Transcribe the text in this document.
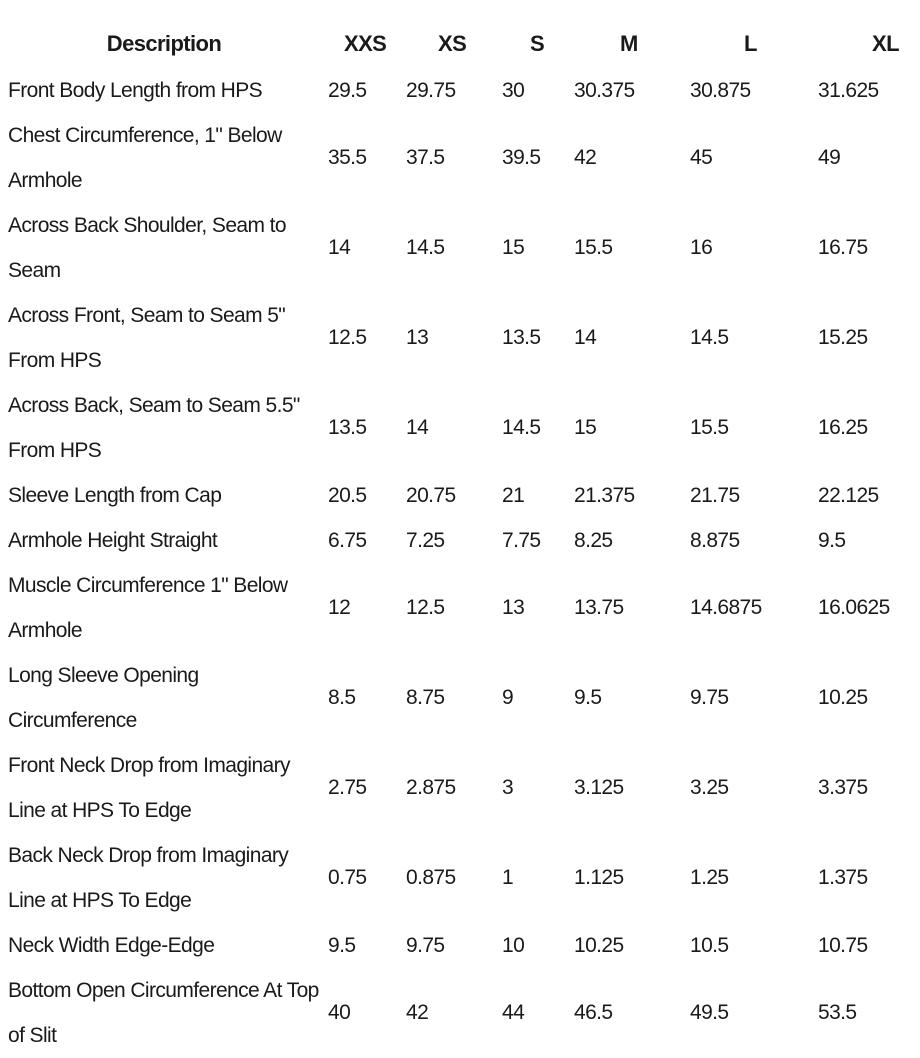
Description	XXS	XS	S	M	L	XL
Front Body Length from HPS	29.5	29.75	30	30.375	30.875	31.625
Chest Circumference, 1" Below Armhole	35.5	37.5	39.5	42	45	49
Across Back Shoulder, Seam to Seam	14	14.5	15	15.5	16	16.75
Across Front, Seam to Seam 5" From HPS	12.5	13	13.5	14	14.5	15.25
Across Back, Seam to Seam 5.5" From HPS	13.5	14	14.5	15	15.5	16.25
Sleeve Length from Cap	20.5	20.75	21	21.375	21.75	22.125
Armhole Height Straight	6.75	7.25	7.75	8.25	8.875	9.5
Muscle Circumference 1" Below Armhole	12	12.5	13	13.75	14.6875	16.0625
Long Sleeve Opening Circumference	8.5	8.75	9	9.5	9.75	10.25
Front Neck Drop from Imaginary Line at HPS To Edge	2.75	2.875	3	3.125	3.25	3.375
Back Neck Drop from Imaginary Line at HPS To Edge	0.75	0.875	1	1.125	1.25	1.375
Neck Width Edge-Edge	9.5	9.75	10	10.25	10.5	10.75
Bottom Open Circumference At Top of Slit	40	42	44	46.5	49.5	53.5
